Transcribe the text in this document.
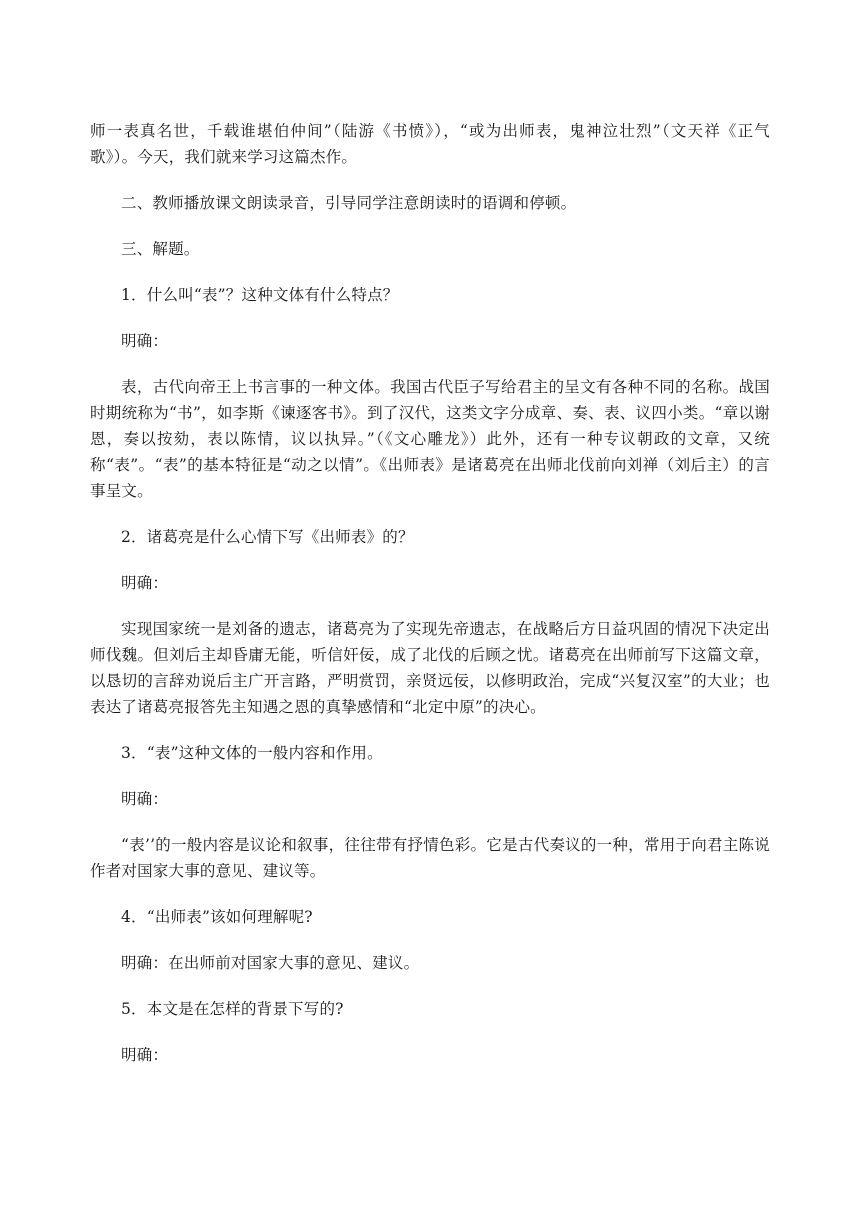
师一表真名世，千载谁堪伯仲间”（陆游《书愤》），“或为出师表，鬼神泣壮烈”（文天祥《正气歌》）。今天，我们就来学习这篇杰作。

二、教师播放课文朗读录音，引导同学注意朗读时的语调和停顿。

三、解题。

1．什么叫“表”？这种文体有什么特点？

明确：

表，古代向帝王上书言事的一种文体。我国古代臣子写给君主的呈文有各种不同的名称。战国时期统称为“书”，如李斯《谏逐客书》。到了汉代，这类文字分成章、奏、表、议四小类。“章以谢恩，奏以按劾，表以陈情，议以执异。”（《文心雕龙》）此外，还有一种专议朝政的文章，又统称“表”。“表”的基本特征是“动之以情”。《出师表》是诸葛亮在出师北伐前向刘禅（刘后主）的言事呈文。

2．诸葛亮是什么心情下写《出师表》的？

明确：

实现国家统一是刘备的遗志，诸葛亮为了实现先帝遗志，在战略后方日益巩固的情况下决定出师伐魏。但刘后主却昏庸无能，听信奸佞，成了北伐的后顾之忧。诸葛亮在出师前写下这篇文章，以恳切的言辞劝说后主广开言路，严明赏罚，亲贤远佞，以修明政治，完成“兴复汉室”的大业；也表达了诸葛亮报答先主知遇之恩的真挚感情和“北定中原”的决心。

3．“表”这种文体的一般内容和作用。

明确：

“表’’的一般内容是议论和叙事，往往带有抒情色彩。它是古代奏议的一种，常用于向君主陈说作者对国家大事的意见、建议等。

4．“出师表”该如何理解呢?

明确：在出师前对国家大事的意见、建议。

5．本文是在怎样的背景下写的?

明确：
